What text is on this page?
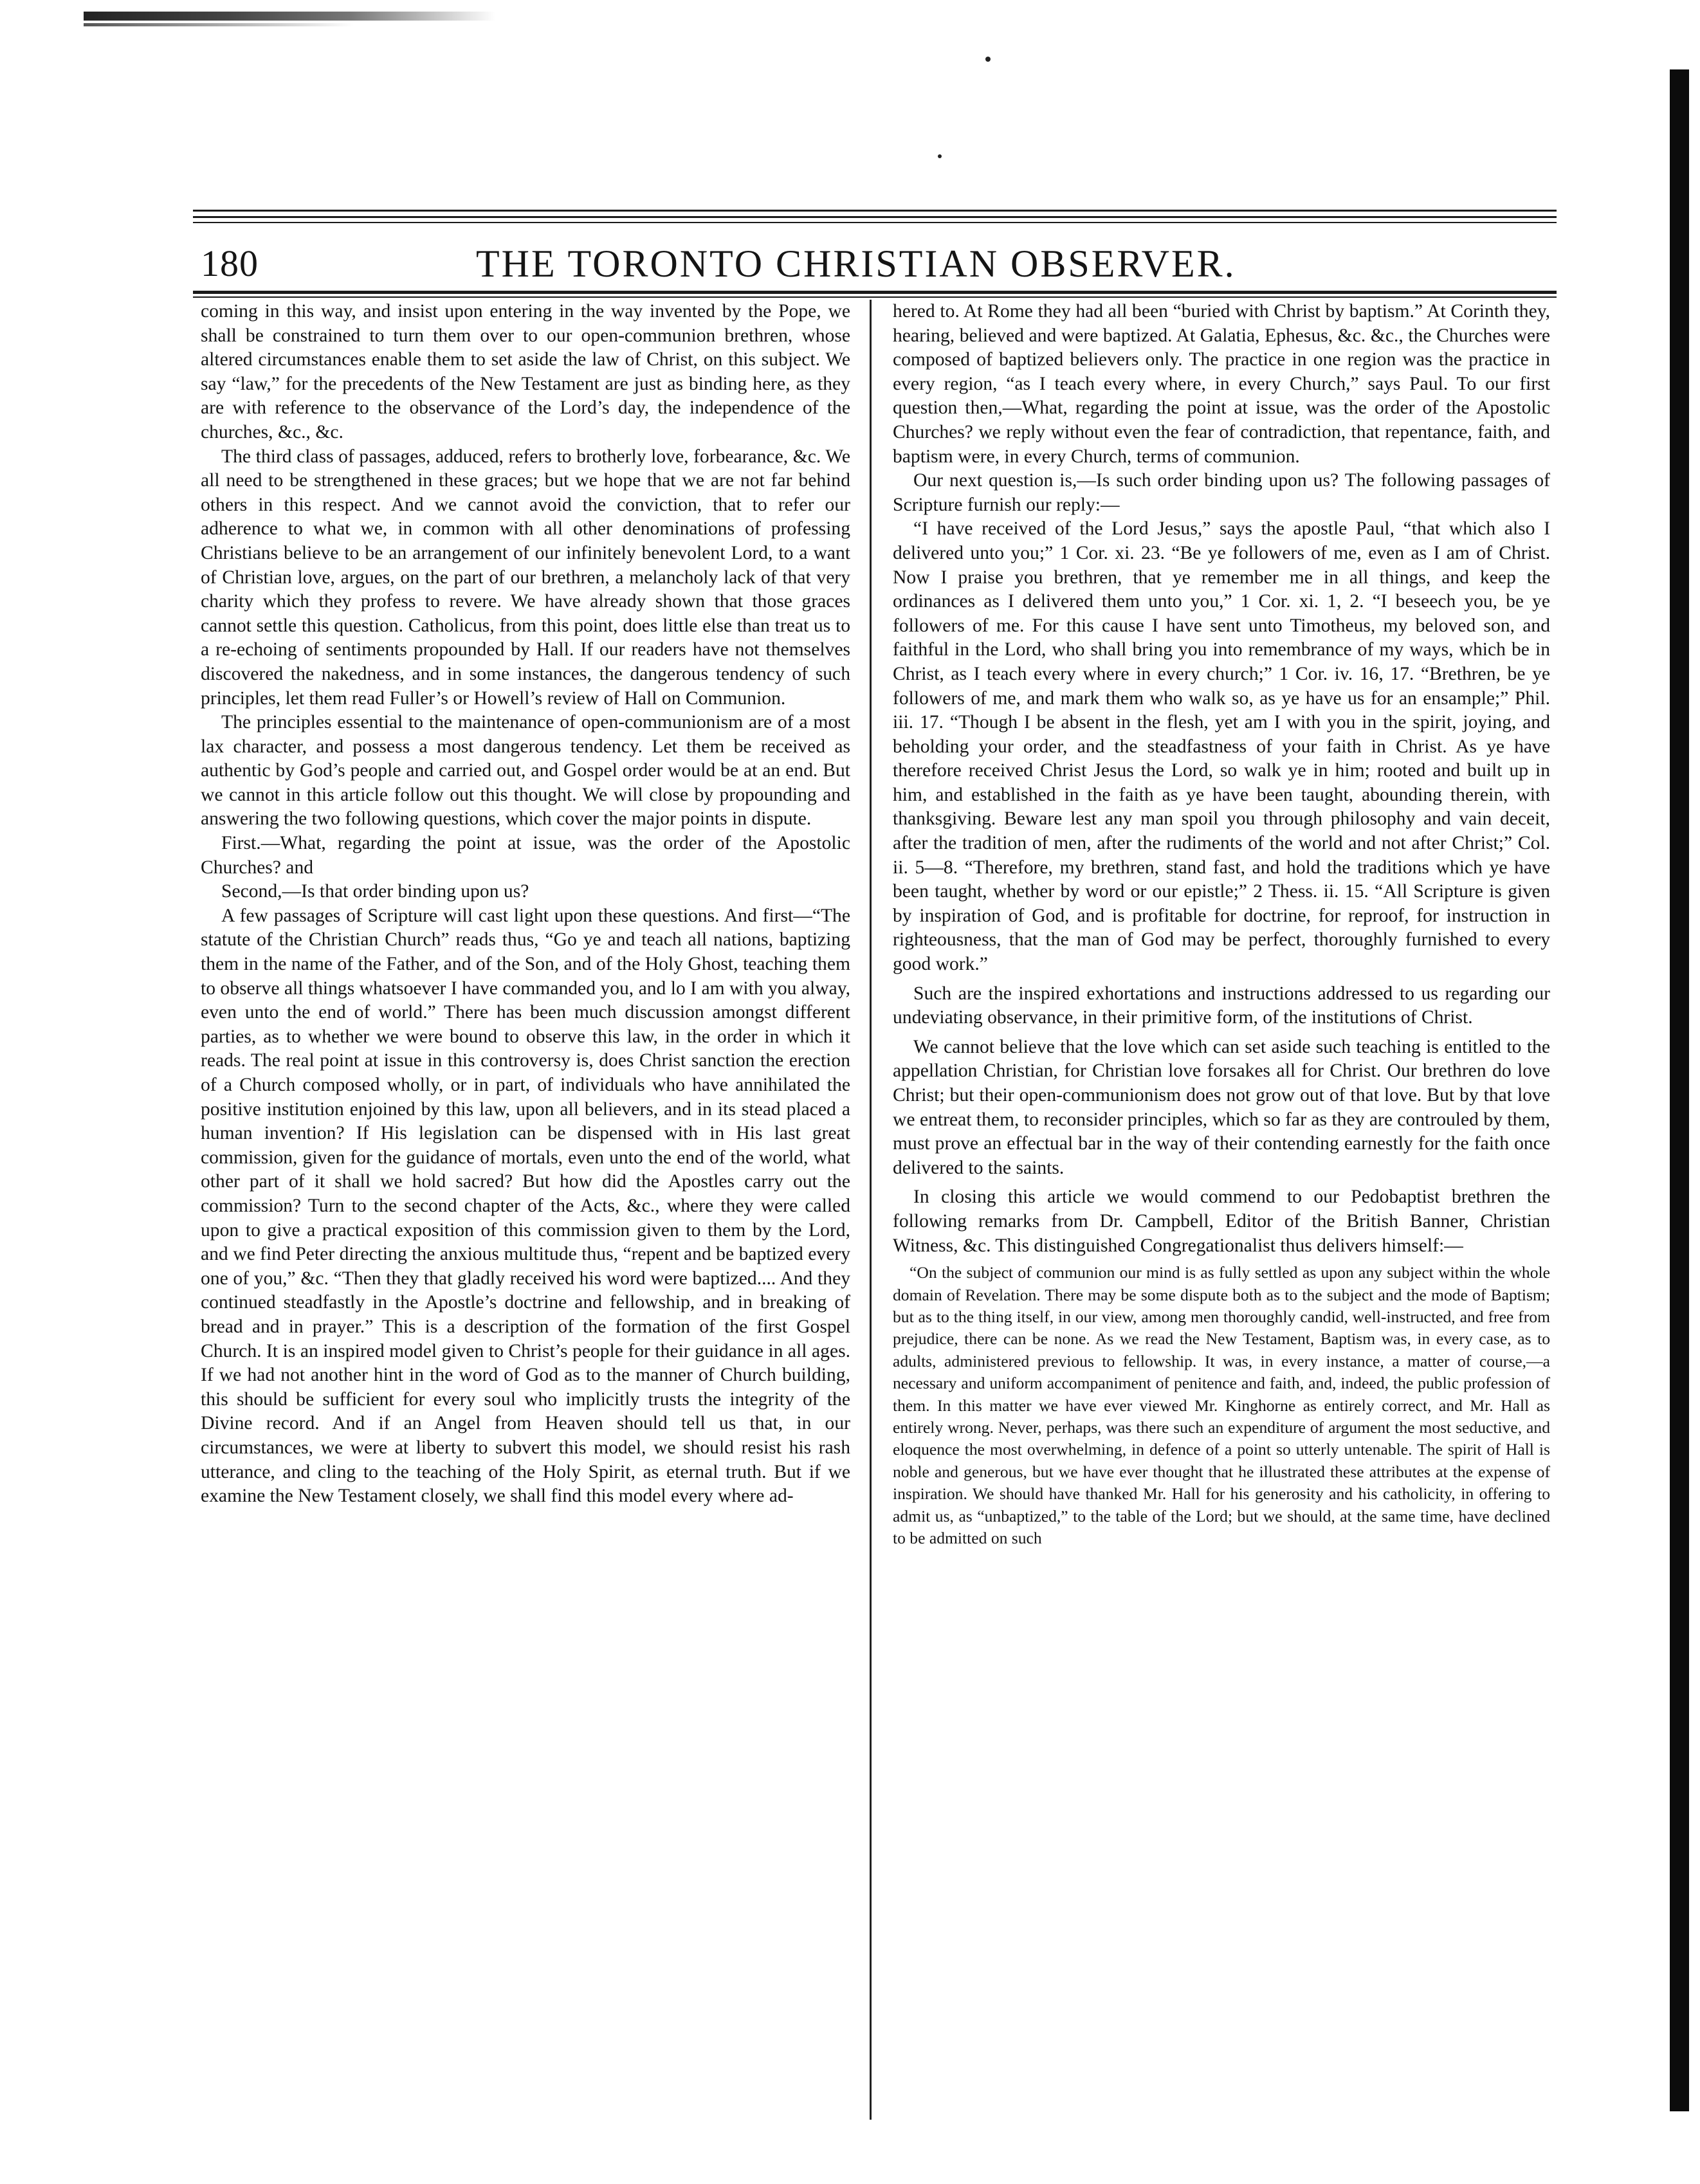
180	THE TORONTO CHRISTIAN OBSERVER.

coming in this way, and insist upon entering in the way invented by the Pope, we shall be constrained to turn them over to our open-communion brethren, whose altered circumstances enable them to set aside the law of Christ, on this subject. We say “law,” for the precedents of the New Testament are just as binding here, as they are with reference to the observance of the Lord’s day, the independence of the churches, &c., &c.

The third class of passages, adduced, refers to brotherly love, forbearance, &c. We all need to be strengthened in these graces; but we hope that we are not far behind others in this respect. And we cannot avoid the conviction, that to refer our adherence to what we, in common with all other denominations of professing Christians believe to be an arrangement of our infinitely benevolent Lord, to a want of Christian love, argues, on the part of our brethren, a melancholy lack of that very charity which they profess to revere. We have already shown that those graces cannot settle this question. Catholicus, from this point, does little else than treat us to a re-echoing of sentiments propounded by Hall. If our readers have not themselves discovered the nakedness, and in some instances, the dangerous tendency of such principles, let them read Fuller’s or Howell’s review of Hall on Communion.

The principles essential to the maintenance of open-communionism are of a most lax character, and possess a most dangerous tendency. Let them be received as authentic by God’s people and carried out, and Gospel order would be at an end. But we cannot in this article follow out this thought. We will close by propounding and answering the two following questions, which cover the major points in dispute.

First.—What, regarding the point at issue, was the order of the Apostolic Churches? and

Second,—Is that order binding upon us?

A few passages of Scripture will cast light upon these questions. And first—“The statute of the Christian Church” reads thus, “Go ye and teach all nations, baptizing them in the name of the Father, and of the Son, and of the Holy Ghost, teaching them to observe all things whatsoever I have commanded you, and lo I am with you alway, even unto the end of world.” There has been much discussion amongst different parties, as to whether we were bound to observe this law, in the order in which it reads. The real point at issue in this controversy is, does Christ sanction the erection of a Church composed wholly, or in part, of individuals who have annihilated the positive institution enjoined by this law, upon all believers, and in its stead placed a human invention? If His legislation can be dispensed with in His last great commission, given for the guidance of mortals, even unto the end of the world, what other part of it shall we hold sacred? But how did the Apostles carry out the commission? Turn to the second chapter of the Acts, &c., where they were called upon to give a practical exposition of this commission given to them by the Lord, and we find Peter directing the anxious multitude thus, “repent and be baptized every one of you,” &c. “Then they that gladly received his word were baptized.... And they continued steadfastly in the Apostle’s doctrine and fellowship, and in breaking of bread and in prayer.” This is a description of the formation of the first Gospel Church. It is an inspired model given to Christ’s people for their guidance in all ages. If we had not another hint in the word of God as to the manner of Church building, this should be sufficient for every soul who implicitly trusts the integrity of the Divine record. And if an Angel from Heaven should tell us that, in our circumstances, we were at liberty to subvert this model, we should resist his rash utterance, and cling to the teaching of the Holy Spirit, as eternal truth. But if we examine the New Testament closely, we shall find this model every where ad-

hered to. At Rome they had all been “buried with Christ by baptism.” At Corinth they, hearing, believed and were baptized. At Galatia, Ephesus, &c. &c., the Churches were composed of baptized believers only. The practice in one region was the practice in every region, “as I teach every where, in every Church,” says Paul. To our first question then,—What, regarding the point at issue, was the order of the Apostolic Churches? we reply without even the fear of contradiction, that repentance, faith, and baptism were, in every Church, terms of communion.

Our next question is,—Is such order binding upon us? The following passages of Scripture furnish our reply:—

“I have received of the Lord Jesus,” says the apostle Paul, “that which also I delivered unto you;” 1 Cor. xi. 23. “Be ye followers of me, even as I am of Christ. Now I praise you brethren, that ye remember me in all things, and keep the ordinances as I delivered them unto you,” 1 Cor. xi. 1, 2. “I beseech you, be ye followers of me. For this cause I have sent unto Timotheus, my beloved son, and faithful in the Lord, who shall bring you into remembrance of my ways, which be in Christ, as I teach every where in every church;” 1 Cor. iv. 16, 17. “Brethren, be ye followers of me, and mark them who walk so, as ye have us for an ensample;” Phil. iii. 17. “Though I be absent in the flesh, yet am I with you in the spirit, joying, and beholding your order, and the steadfastness of your faith in Christ. As ye have therefore received Christ Jesus the Lord, so walk ye in him; rooted and built up in him, and established in the faith as ye have been taught, abounding therein, with thanksgiving. Beware lest any man spoil you through philosophy and vain deceit, after the tradition of men, after the rudiments of the world and not after Christ;” Col. ii. 5—8. “Therefore, my brethren, stand fast, and hold the traditions which ye have been taught, whether by word or our epistle;” 2 Thess. ii. 15. “All Scripture is given by inspiration of God, and is profitable for doctrine, for reproof, for instruction in righteousness, that the man of God may be perfect, thoroughly furnished to every good work.”

Such are the inspired exhortations and instructions addressed to us regarding our undeviating observance, in their primitive form, of the institutions of Christ.

We cannot believe that the love which can set aside such teaching is entitled to the appellation Christian, for Christian love forsakes all for Christ. Our brethren do love Christ; but their open-communionism does not grow out of that love. But by that love we entreat them, to reconsider principles, which so far as they are controuled by them, must prove an effectual bar in the way of their contending earnestly for the faith once delivered to the saints.

In closing this article we would commend to our Pedobaptist brethren the following remarks from Dr. Campbell, Editor of the British Banner, Christian Witness, &c. This distinguished Congregationalist thus delivers himself:—

“On the subject of communion our mind is as fully settled as upon any subject within the whole domain of Revelation. There may be some dispute both as to the subject and the mode of Baptism; but as to the thing itself, in our view, among men thoroughly candid, well-instructed, and free from prejudice, there can be none. As we read the New Testament, Baptism was, in every case, as to adults, administered previous to fellowship. It was, in every instance, a matter of course,—a necessary and uniform accompaniment of penitence and faith, and, indeed, the public profession of them. In this matter we have ever viewed Mr. Kinghorne as entirely correct, and Mr. Hall as entirely wrong. Never, perhaps, was there such an expenditure of argument the most seductive, and eloquence the most overwhelming, in defence of a point so utterly untenable. The spirit of Hall is noble and generous, but we have ever thought that he illustrated these attributes at the expense of inspiration. We should have thanked Mr. Hall for his generosity and his catholicity, in offering to admit us, as “unbaptized,” to the table of the Lord; but we should, at the same time, have declined to be admitted on such
